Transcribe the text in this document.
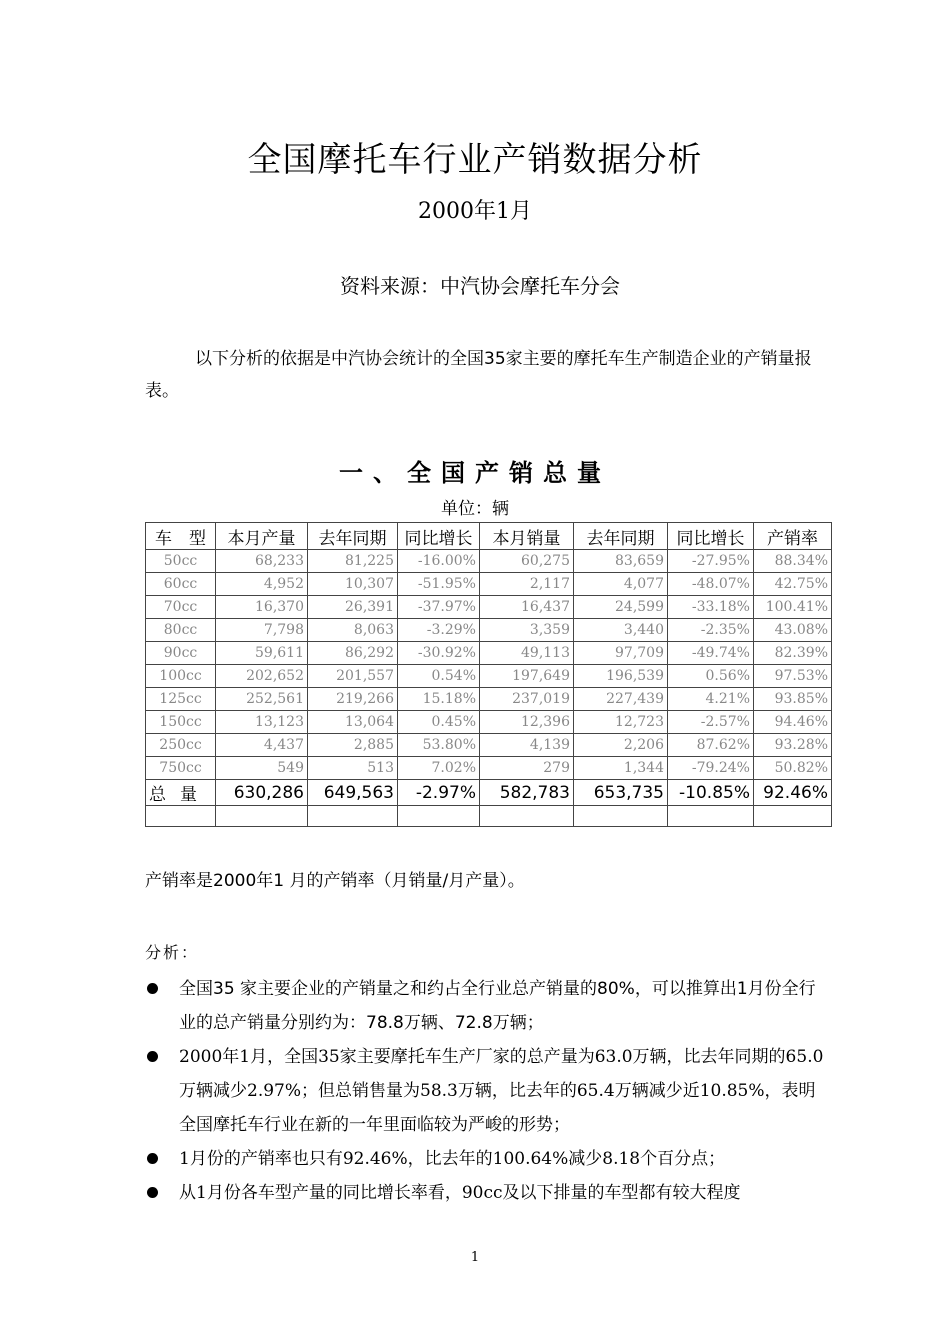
全国摩托车行业产销数据分析
2000年1月
资料来源：中汽协会摩托车分会
以下分析的依据是中汽协会统计的全国35家主要的摩托车生产制造企业的产销量报表。
一、全国产销总量
单位：辆
车　型	本月产量	去年同期	同比增长	本月销量	去年同期	同比增长	产销率
50cc	68,233	81,225	-16.00%	60,275	83,659	-27.95%	88.34%
60cc	4,952	10,307	-51.95%	2,117	4,077	-48.07%	42.75%
70cc	16,370	26,391	-37.97%	16,437	24,599	-33.18%	100.41%
80cc	7,798	8,063	-3.29%	3,359	3,440	-2.35%	43.08%
90cc	59,611	86,292	-30.92%	49,113	97,709	-49.74%	82.39%
100cc	202,652	201,557	0.54%	197,649	196,539	0.56%	97.53%
125cc	252,561	219,266	15.18%	237,019	227,439	4.21%	93.85%
150cc	13,123	13,064	0.45%	12,396	12,723	-2.57%	94.46%
250cc	4,437	2,885	53.80%	4,139	2,206	87.62%	93.28%
750cc	549	513	7.02%	279	1,344	-79.24%	50.82%
总量	630,286	649,563	-2.97%	582,783	653,735	-10.85%	92.46%

产销率是2000年1 月的产销率（月销量/月产量）。
分析：
全国35 家主要企业的产销量之和约占全行业总产销量的80%，可以推算出1月份全行业的总产销量分别约为：78.8万辆、72.8万辆；
2000年1月，全国35家主要摩托车生产厂家的总产量为63.0万辆，比去年同期的65.0万辆减少2.97%；但总销售量为58.3万辆，比去年的65.4万辆减少近10.85%，表明全国摩托车行业在新的一年里面临较为严峻的形势；
1月份的产销率也只有92.46%，比去年的100.64%减少8.18个百分点；
从1月份各车型产量的同比增长率看，90cc及以下排量的车型都有较大程度
1
